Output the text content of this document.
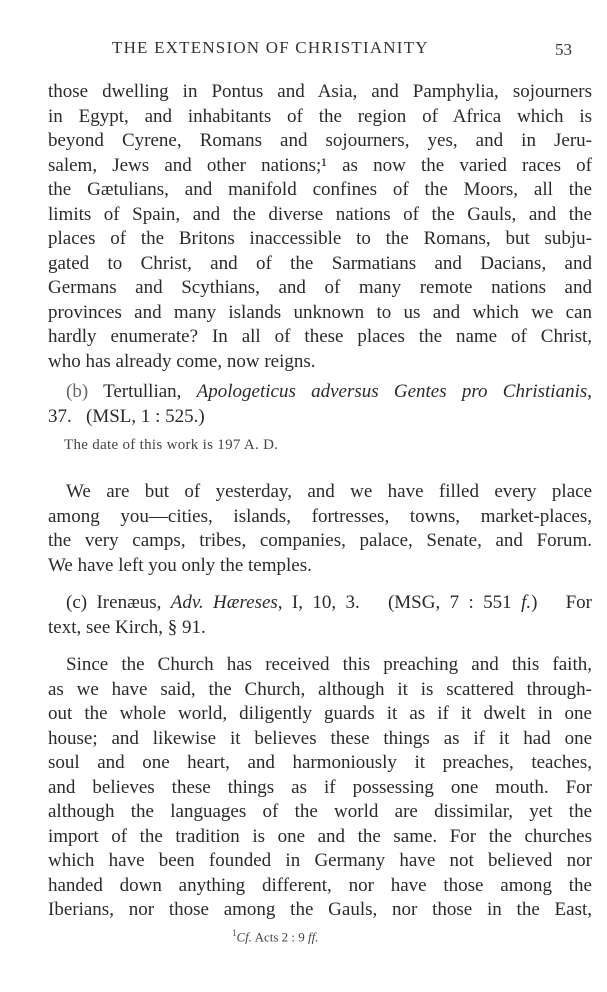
THE EXTENSION OF CHRISTIANITY	53
those dwelling in Pontus and Asia, and Pamphylia, sojourners
in Egypt, and inhabitants of the region of Africa which is
beyond Cyrene, Romans and sojourners, yes, and in Jeru-
salem, Jews and other nations;¹ as now the varied races of
the Gætulians, and manifold confines of the Moors, all the
limits of Spain, and the diverse nations of the Gauls, and the
places of the Britons inaccessible to the Romans, but subju-
gated to Christ, and of the Sarmatians and Dacians, and
Germans and Scythians, and of many remote nations and
provinces and many islands unknown to us and which we can
hardly enumerate? In all of these places the name of Christ,
who has already come, now reigns.
(b) Tertullian, Apologeticus adversus Gentes pro Christianis,
37.   (MSL, 1 : 525.)
The date of this work is 197 A. D.
We are but of yesterday, and we have filled every place
among you—cities, islands, fortresses, towns, market-places,
the very camps, tribes, companies, palace, Senate, and Forum.
We have left you only the temples.
(c) Irenæus, Adv. Hæreses, I, 10, 3.   (MSG, 7 : 551 f.)   For
text, see Kirch, § 91.
Since the Church has received this preaching and this faith,
as we have said, the Church, although it is scattered through-
out the whole world, diligently guards it as if it dwelt in one
house; and likewise it believes these things as if it had one
soul and one heart, and harmoniously it preaches, teaches,
and believes these things as if possessing one mouth. For
although the languages of the world are dissimilar, yet the
import of the tradition is one and the same. For the churches
which have been founded in Germany have not believed nor
handed down anything different, nor have those among the
Iberians, nor those among the Gauls, nor those in the East,
$^1$Cf. Acts 2 : 9 ff.
